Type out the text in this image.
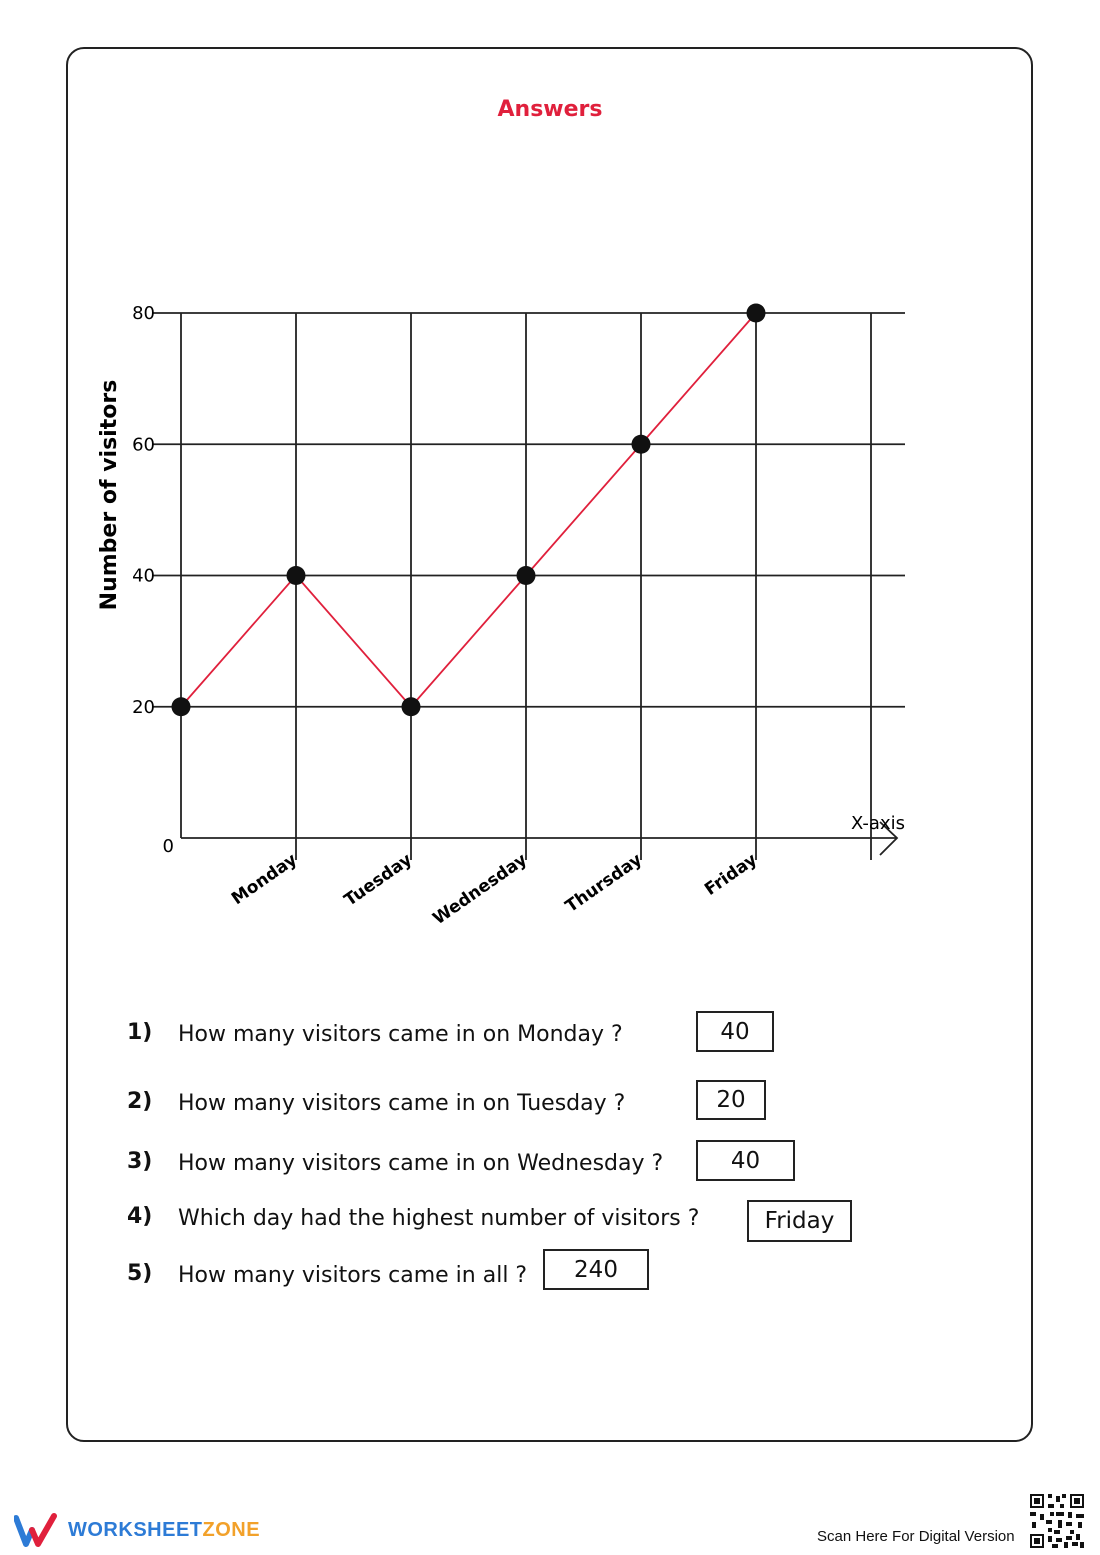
Answers
0
20
40
60
80
Number of visitors
X-axis
Monday Tuesday Wednesday Thursday	Friday
1) How many visitors came in on Monday ?	40
2) How many visitors came in on Tuesday ?	20
3) How many visitors came in on Wednesday ?	40
4) Which day had the highest number of visitors ?	Friday
5) How many visitors came in all ?	240
WORKSHEETZONE	Scan Here For Digital Version
